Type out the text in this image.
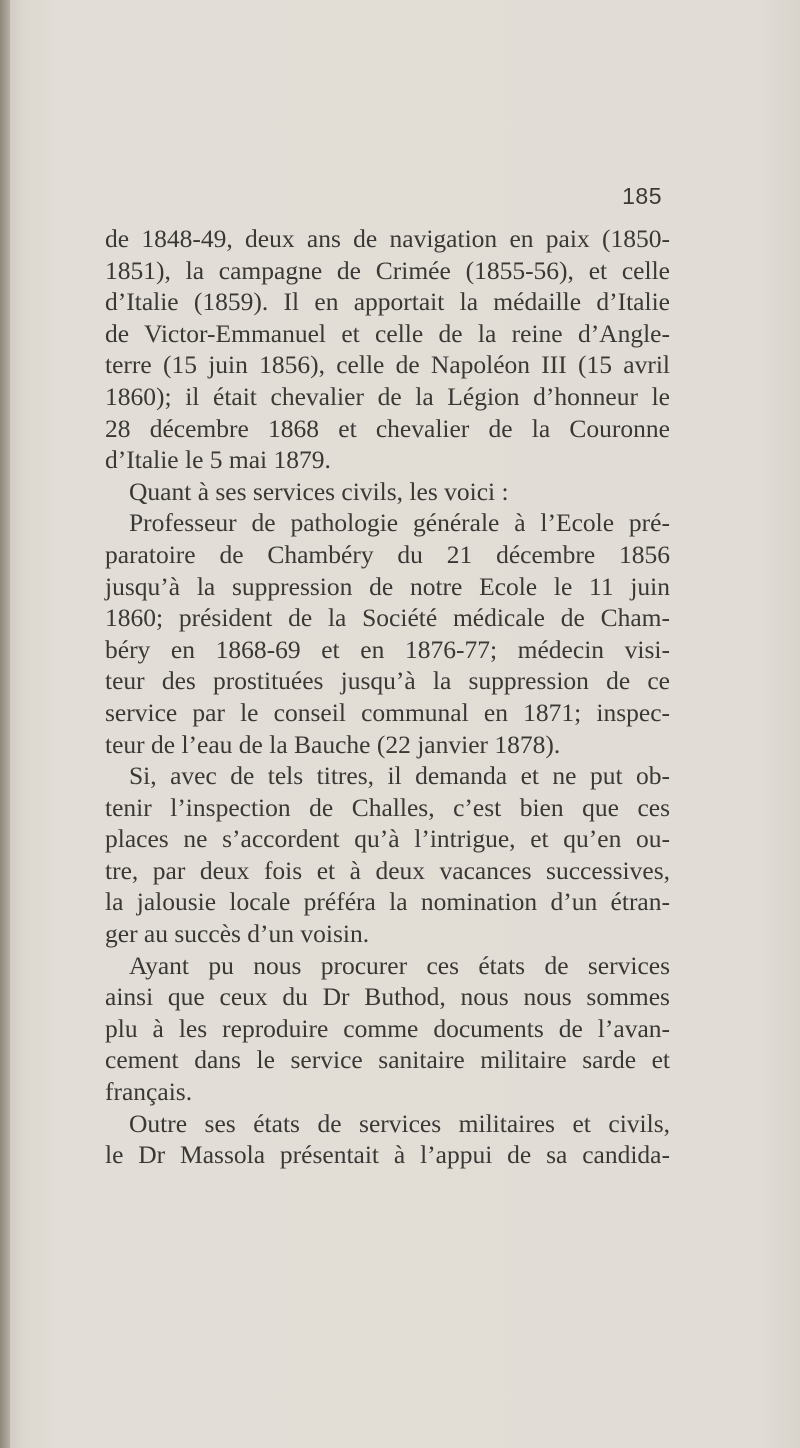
185
de 1848-49, deux ans de navigation en paix (1850-
1851), la campagne de Crimée (1855-56), et celle
d’Italie (1859). Il en apportait la médaille d’Italie
de Victor-Emmanuel et celle de la reine d’Angle-
terre (15 juin 1856), celle de Napoléon III (15 avril
1860); il était chevalier de la Légion d’honneur le
28 décembre 1868 et chevalier de la Couronne
d’Italie le 5 mai 1879.
Quant à ses services civils, les voici :
Professeur de pathologie générale à l’Ecole pré-
paratoire de Chambéry du 21 décembre 1856
jusqu’à la suppression de notre Ecole le 11 juin
1860; président de la Société médicale de Cham-
béry en 1868-69 et en 1876-77; médecin visi-
teur des prostituées jusqu’à la suppression de ce
service par le conseil communal en 1871; inspec-
teur de l’eau de la Bauche (22 janvier 1878).
Si, avec de tels titres, il demanda et ne put ob-
tenir l’inspection de Challes, c’est bien que ces
places ne s’accordent qu’à l’intrigue, et qu’en ou-
tre, par deux fois et à deux vacances successives,
la jalousie locale préféra la nomination d’un étran-
ger au succès d’un voisin.
Ayant pu nous procurer ces états de services
ainsi que ceux du Dr Buthod, nous nous sommes
plu à les reproduire comme documents de l’avan-
cement dans le service sanitaire militaire sarde et
français.
Outre ses états de services militaires et civils,
le Dr Massola présentait à l’appui de sa candida-
